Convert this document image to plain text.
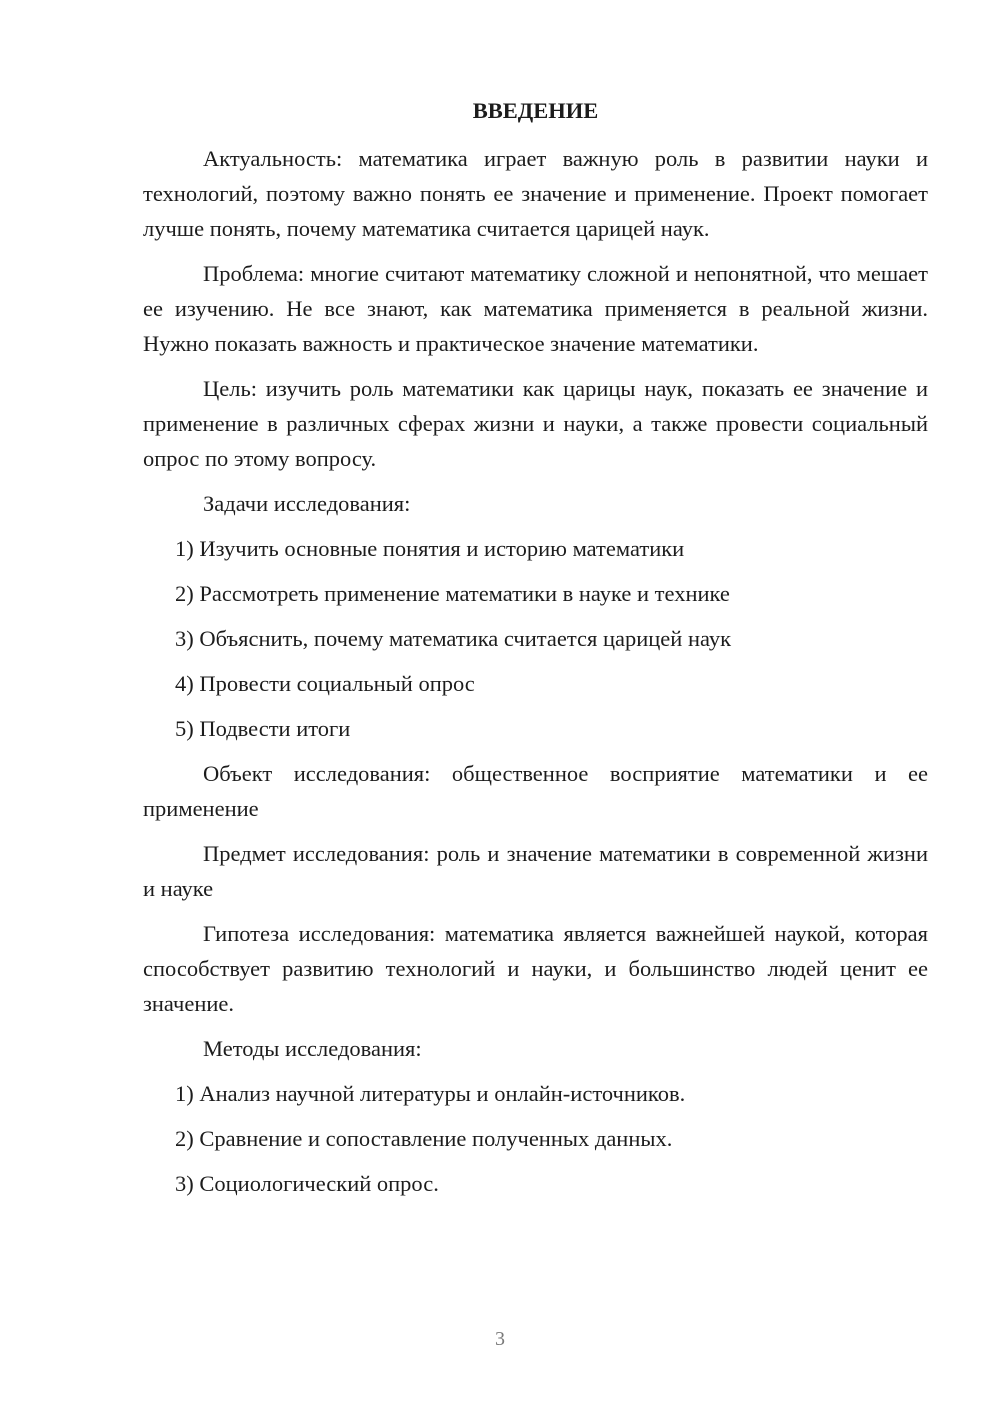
ВВЕДЕНИЕ

Актуальность: математика играет важную роль в развитии науки и технологий, поэтому важно понять ее значение и применение. Проект помогает лучше понять, почему математика считается царицей наук.

Проблема: многие считают математику сложной и непонятной, что мешает ее изучению. Не все знают, как математика применяется в реальной жизни. Нужно показать важность и практическое значение математики.

Цель: изучить роль математики как царицы наук, показать ее значение и применение в различных сферах жизни и науки, а также провести социальный опрос по этому вопросу.

Задачи исследования:

1) Изучить основные понятия и историю математики
2) Рассмотреть применение математики в науке и технике
3) Объяснить, почему математика считается царицей наук
4) Провести социальный опрос
5) Подвести итоги

Объект исследования: общественное восприятие математики и ее применение

Предмет исследования: роль и значение математики в современной жизни и науке

Гипотеза исследования: математика является важнейшей наукой, которая способствует развитию технологий и науки, и большинство людей ценит ее значение.

Методы исследования:

1) Анализ научной литературы и онлайн-источников.
2) Сравнение и сопоставление полученных данных.
3) Социологический опрос.
3
